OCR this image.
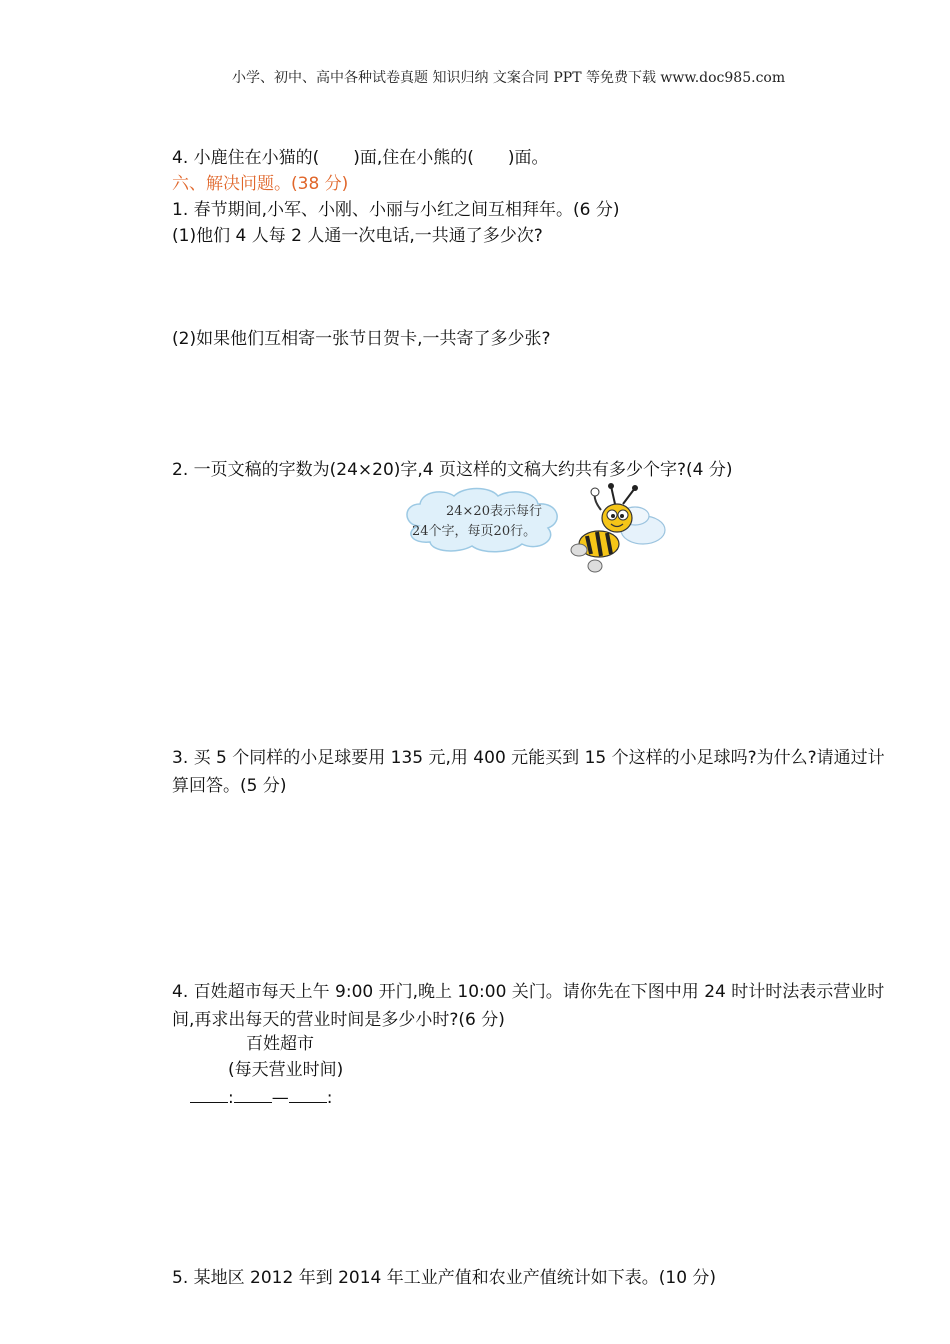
小学、初中、高中各种试卷真题 知识归纳 文案合同 PPT 等免费下载 www.doc985.com
4. 小鹿住在小猫的(　　)面,住在小熊的(　　)面。
六、解决问题。(38 分)
1. 春节期间,小军、小刚、小丽与小红之间互相拜年。(6 分)
(1)他们 4 人每 2 人通一次电话,一共通了多少次?
(2)如果他们互相寄一张节日贺卡,一共寄了多少张?
2. 一页文稿的字数为(24×20)字,4 页这样的文稿大约共有多少个字?(4 分)
24×20表示每行
24个字，每页20行。
3. 买 5 个同样的小足球要用 135 元,用 400 元能买到 15 个这样的小足球吗?为什么?请通过计算回答。(5 分)
4. 百姓超市每天上午 9:00 开门,晚上 10:00 关门。请你先在下图中用 24 时计时法表示营业时间,再求出每天的营业时间是多少小时?(6 分)
百姓超市
(每天营业时间)
: — :
5. 某地区 2012 年到 2014 年工业产值和农业产值统计如下表。(10 分)
